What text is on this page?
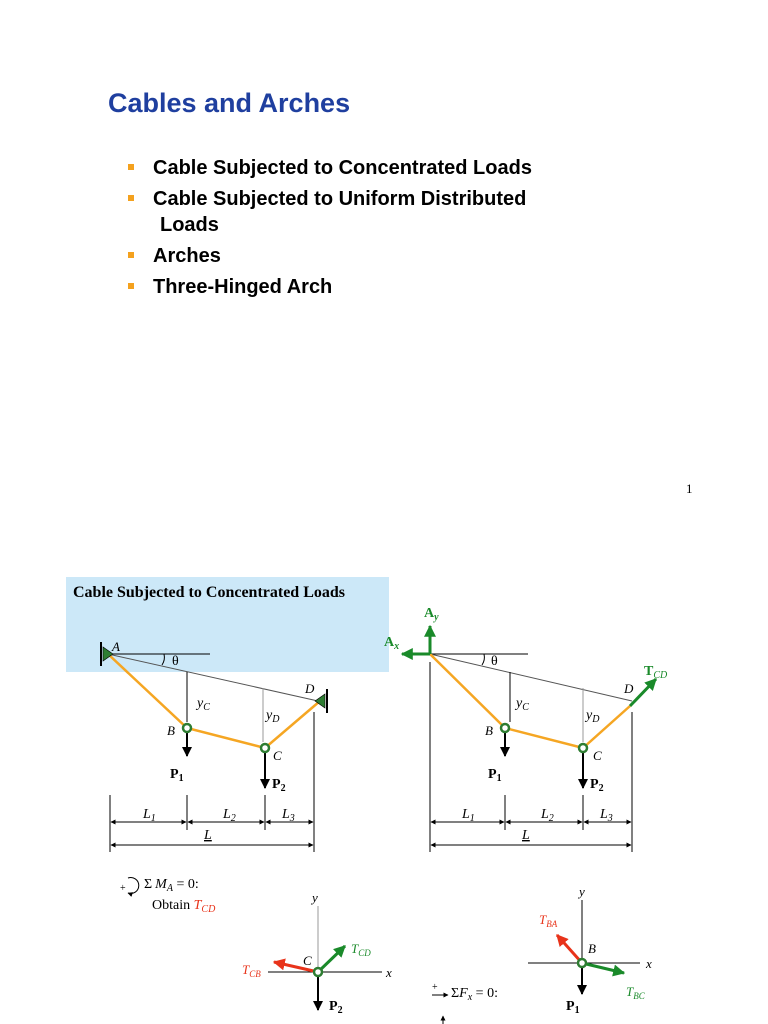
Cables and Arches
Cable Subjected to Concentrated Loads
Cable Subjected to Uniform Distributed
Loads
Arches
Three-Hinged Arch
1
Cable Subjected to Concentrated Loads
θ
A
D
B
C
$y_C$
$y_D$
$P_1$	$P_2$
$L_1$	$L_2$	$L_3$
L
θ
$A_y$
$A_x$
$T_{CD}$
D
B
C
$y_C$
$y_D$
$P_1$	$P_2$
$L_1$	$L_2$	$L_3$
L
+ Σ $M_A = 0$:
Obtain $T_{CD}$
y
x
C
$T_{CD}$
$T_{CB}$
$P_2$
+ $\Sigma F_x = 0$:
y
x
B
$T_{BA}$
$T_{BC}$
$P_1$
